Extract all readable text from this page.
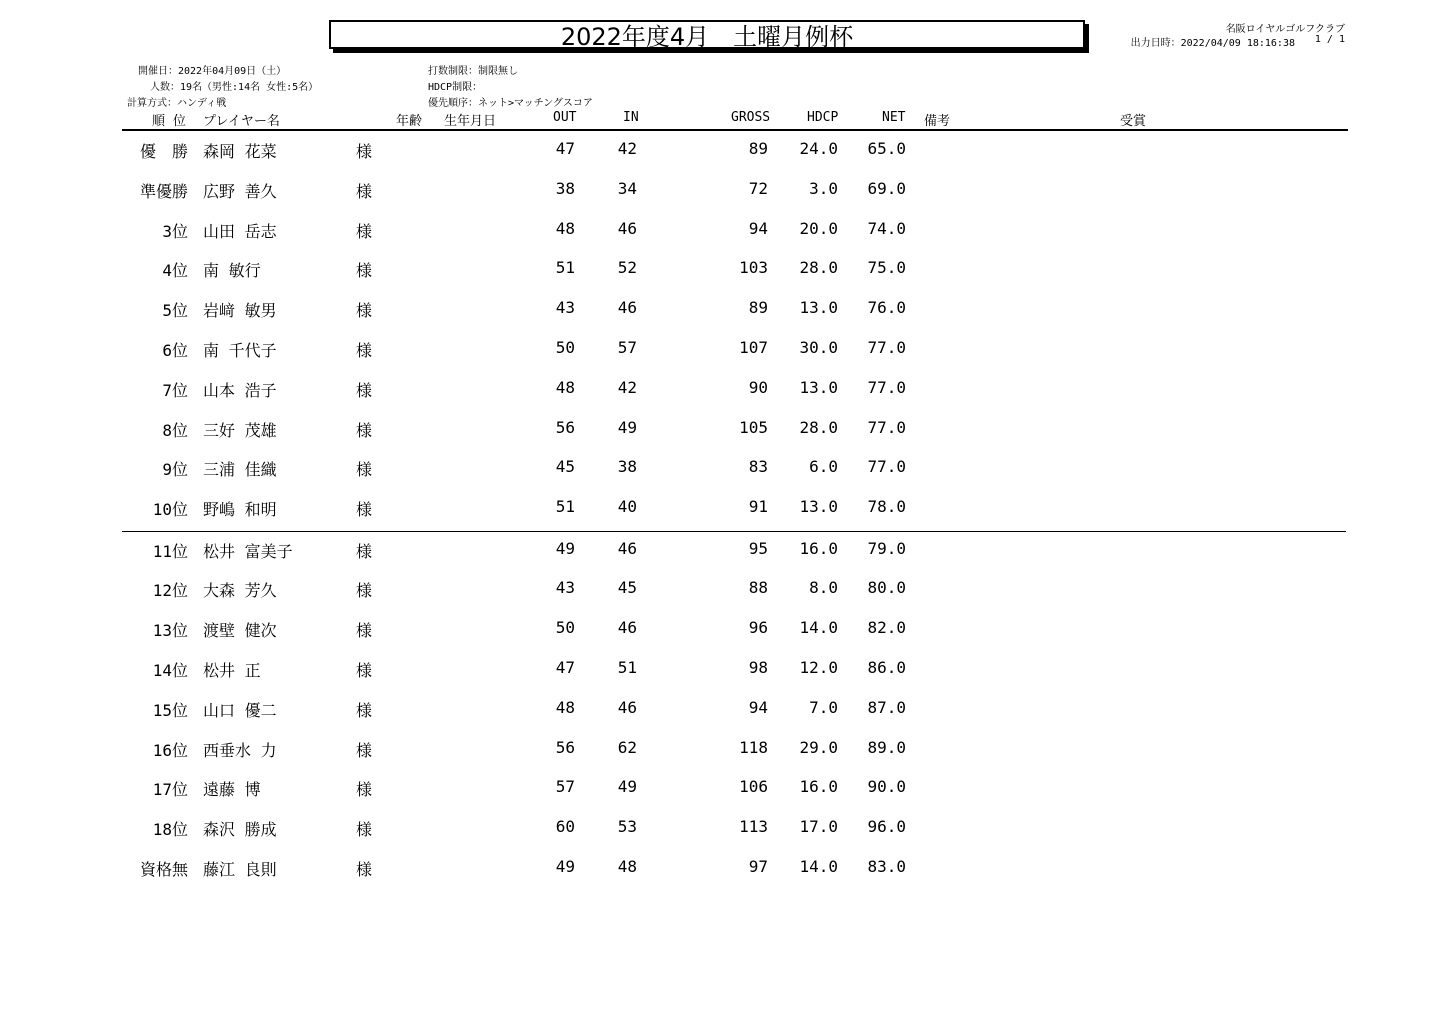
2022年度4月　土曜月例杯	名阪ロイヤルゴルフクラブ
出力日時：2022/04/09 18:16:38 1 / 1
開催日：2022年04月09日（土）
人数：19名（男性:14名 女性:5名）
計算方式：ハンディ戦
打数制限：制限無し
HDCP制限：
優先順序：ネット>マッチングスコア
順 位 プレイヤー名	年齢 生年月日	OUT	IN	GROSS	HDCP	NET 備考	受賞
優　勝 森岡 花菜	様	47	42	89	24.0	65.0
準優勝 広野 善久	様	38	34	72	3.0	69.0
3位 山田 岳志	様	48	46	94	20.0	74.0
4位 南 敏行	様	51	52	103	28.0	75.0
5位 岩﨑 敏男	様	43	46	89	13.0	76.0
6位 南 千代子	様	50	57	107	30.0	77.0
7位 山本 浩子	様	48	42	90	13.0	77.0
8位 三好 茂雄	様	56	49	105	28.0	77.0
9位 三浦 佳織	様	45	38	83	6.0	77.0
10位 野嶋 和明	様	51	40	91	13.0	78.0
11位 松井 富美子	様	49	46	95	16.0	79.0
12位 大森 芳久	様	43	45	88	8.0	80.0
13位 渡壁 健次	様	50	46	96	14.0	82.0
14位 松井 正	様	47	51	98	12.0	86.0
15位 山口 優二	様	48	46	94	7.0	87.0
16位 西垂水 力	様	56	62	118	29.0	89.0
17位 遠藤 博	様	57	49	106	16.0	90.0
18位 森沢 勝成	様	60	53	113	17.0	96.0
資格無 藤江 良則	様	49	48	97	14.0	83.0
